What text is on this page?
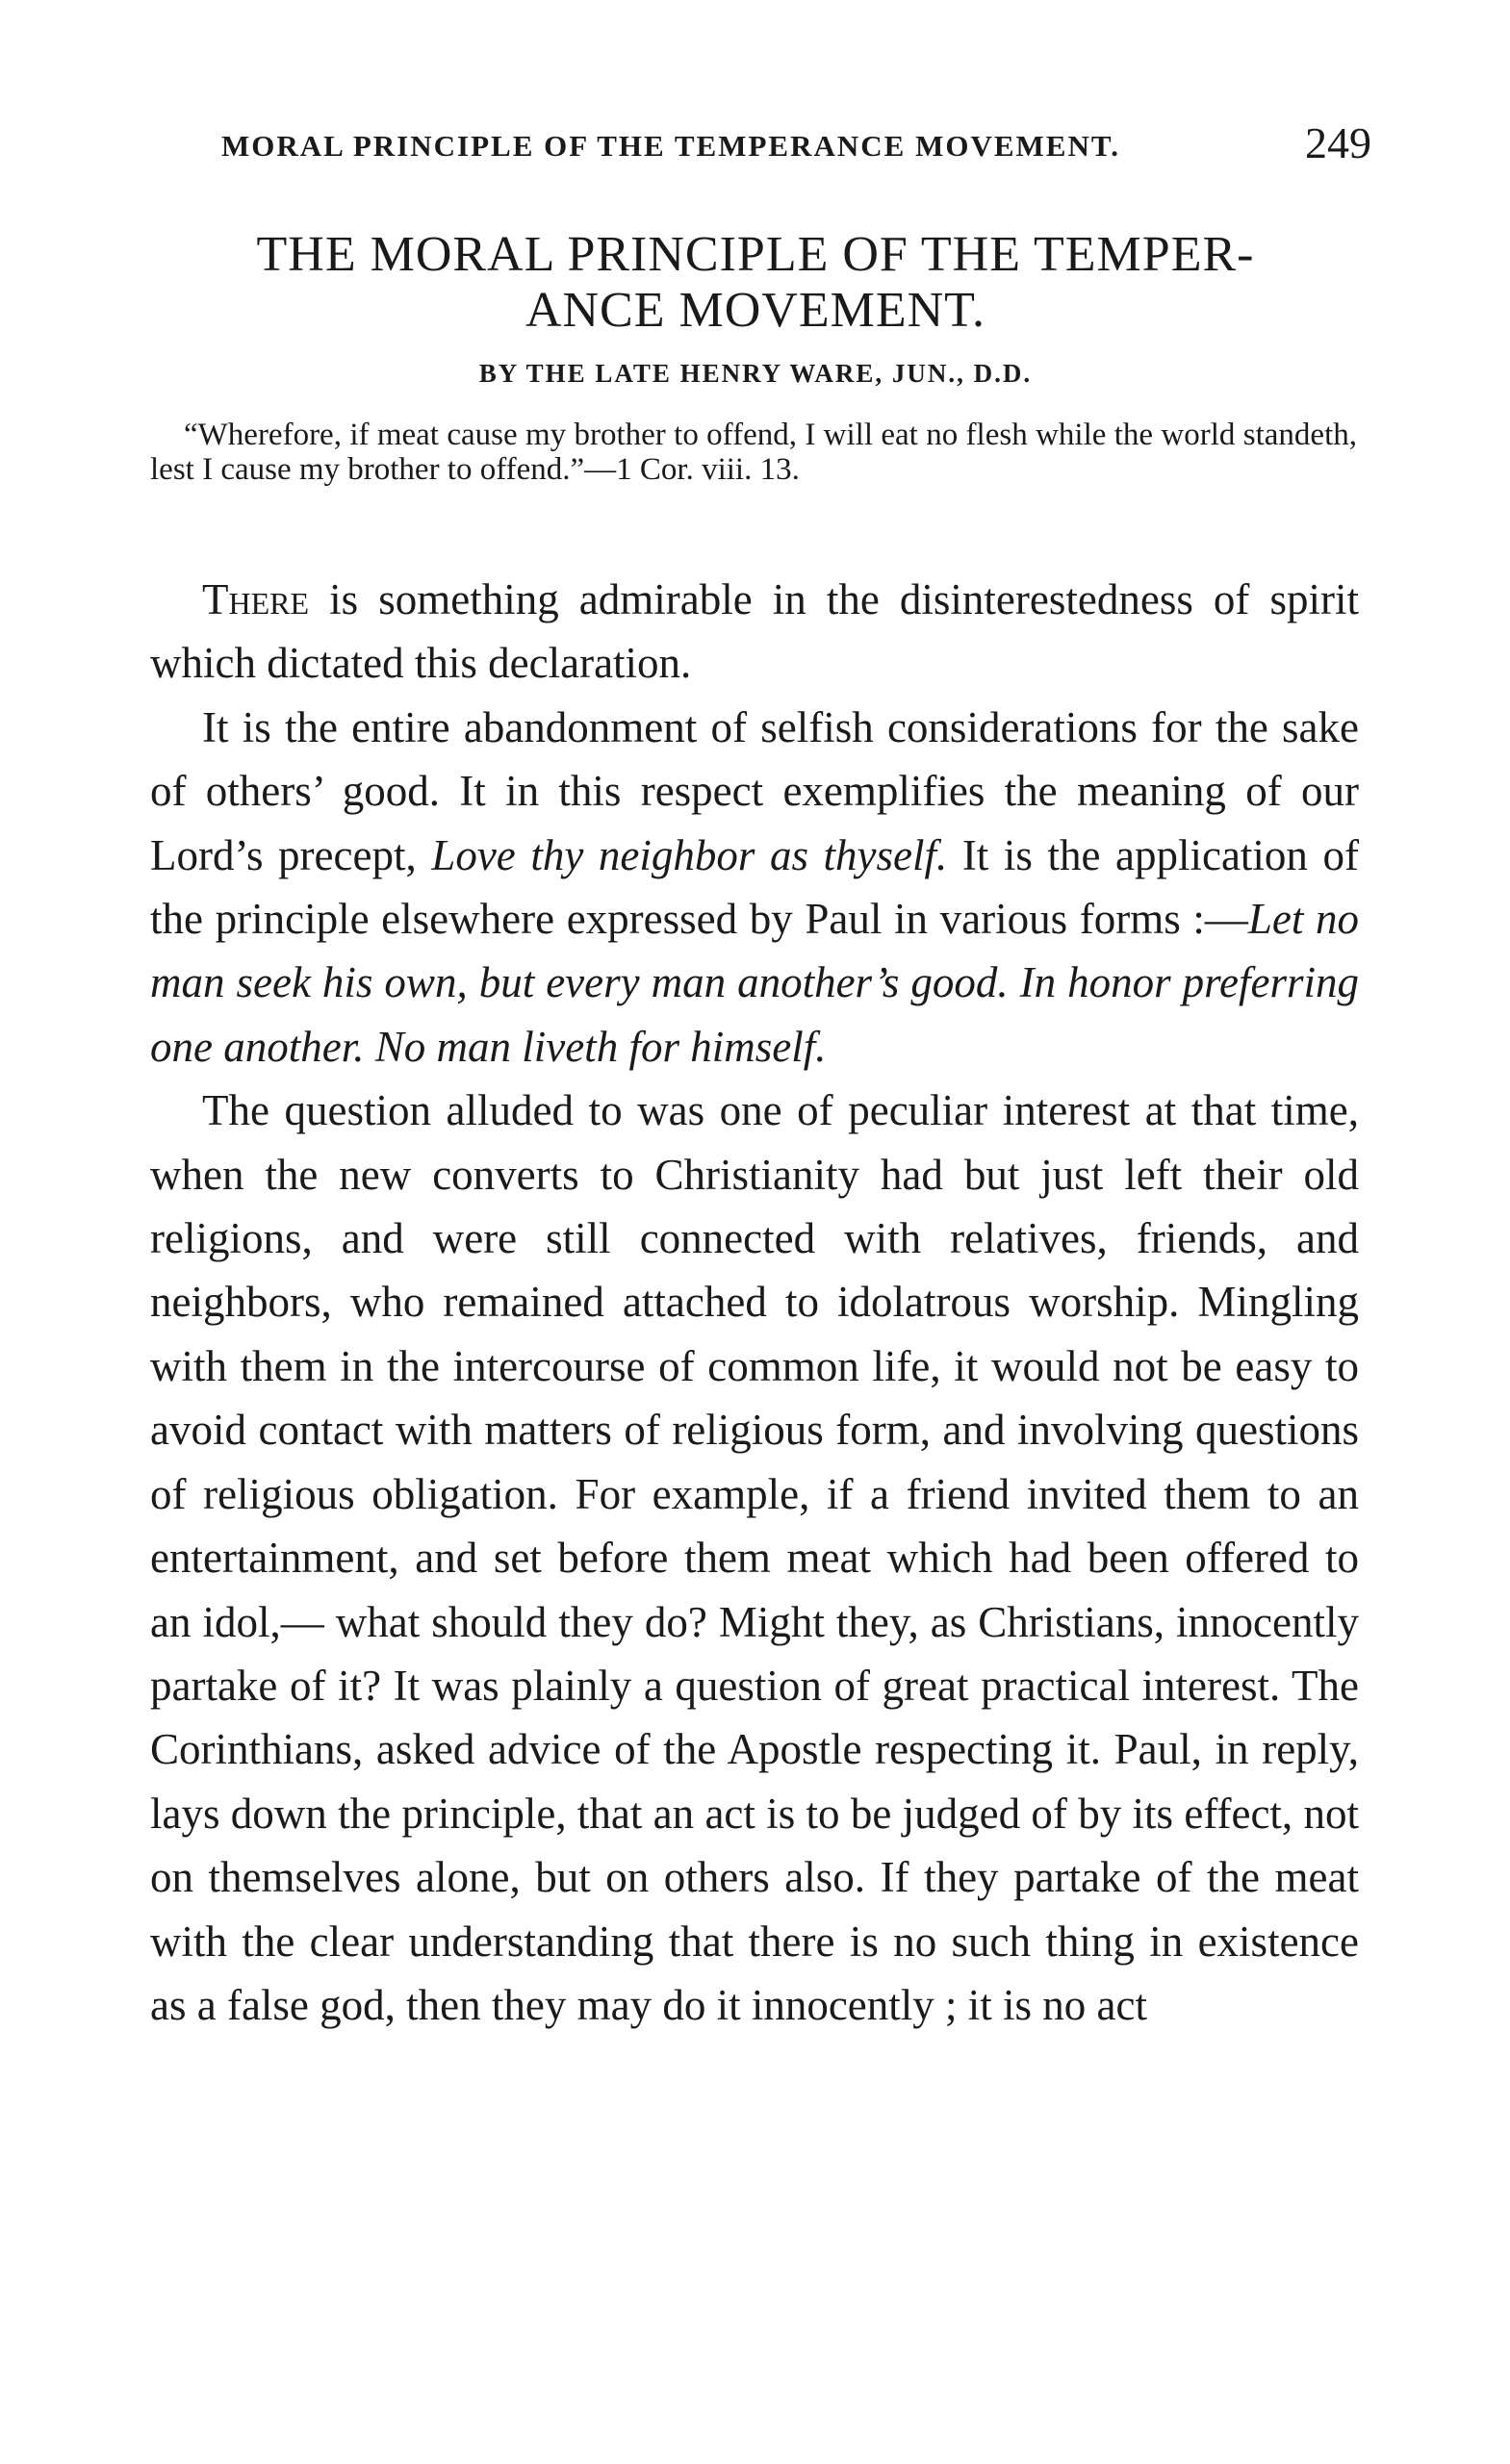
MORAL PRINCIPLE OF THE TEMPERANCE MOVEMENT.	249
THE MORAL PRINCIPLE OF THE TEMPER-
ANCE MOVEMENT.
BY THE LATE HENRY WARE, JUN., D.D.
“Wherefore, if meat cause my brother to offend, I will eat no flesh while the world standeth, lest I cause my brother to offend.”—1 Cor. viii. 13.

There is something admirable in the disinterestedness of spirit which dictated this declaration.

It is the entire abandonment of selfish considerations for the sake of others’ good. It in this respect exemplifies the meaning of our Lord’s precept, Love thy neighbor as thyself. It is the application of the principle elsewhere expressed by Paul in various forms :—Let no man seek his own, but every man another’s good. In honor preferring one another. No man liveth for himself.

The question alluded to was one of peculiar interest at that time, when the new converts to Christianity had but just left their old religions, and were still connected with relatives, friends, and neighbors, who remained attached to idolatrous worship. Mingling with them in the intercourse of common life, it would not be easy to avoid contact with matters of religious form, and involving questions of religious obligation. For example, if a friend invited them to an entertainment, and set before them meat which had been offered to an idol,— what should they do? Might they, as Christians, innocently partake of it? It was plainly a question of great practical interest. The Corinthians, asked advice of the Apostle respecting it. Paul, in reply, lays down the principle, that an act is to be judged of by its effect, not on themselves alone, but on others also. If they partake of the meat with the clear understanding that there is no such thing in existence as a false god, then they may do it innocently ; it is no act
